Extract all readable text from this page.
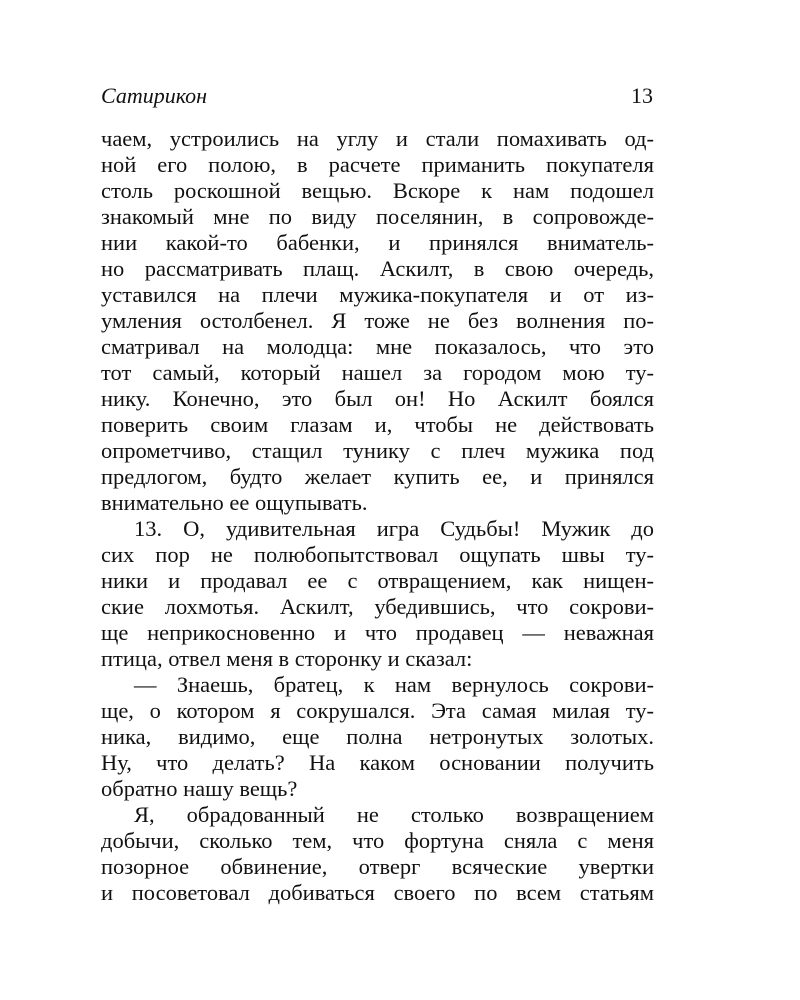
Сатирикон	13
чаем, устроились на углу и стали помахивать од-
ной его полою, в расчете приманить покупателя
столь роскошной вещью. Вскоре к нам подошел
знакомый мне по виду поселянин, в сопровожде-
нии какой-то бабенки, и принялся вниматель-
но рассматривать плащ. Аскилт, в свою очередь,
уставился на плечи мужика-покупателя и от из-
умления остолбенел. Я тоже не без волнения по-
сматривал на молодца: мне показалось, что это
тот самый, который нашел за городом мою ту-
нику. Конечно, это был он! Но Аскилт боялся
поверить своим глазам и, чтобы не действовать
опрометчиво, стащил тунику с плеч мужика под
предлогом, будто желает купить ее, и принялся
внимательно ее ощупывать.
13. О, удивительная игра Судьбы! Мужик до
сих пор не полюбопытствовал ощупать швы ту-
ники и продавал ее с отвращением, как нищен-
ские лохмотья. Аскилт, убедившись, что сокрови-
ще неприкосновенно и что продавец — неважная
птица, отвел меня в сторонку и сказал:
— Знаешь, братец, к нам вернулось сокрови-
ще, о котором я сокрушался. Эта самая милая ту-
ника, видимо, еще полна нетронутых золотых.
Ну, что делать? На каком основании получить
обратно нашу вещь?
Я, обрадованный не столько возвращением
добычи, сколько тем, что фортуна сняла с меня
позорное обвинение, отверг всяческие увертки
и посоветовал добиваться своего по всем статьям
